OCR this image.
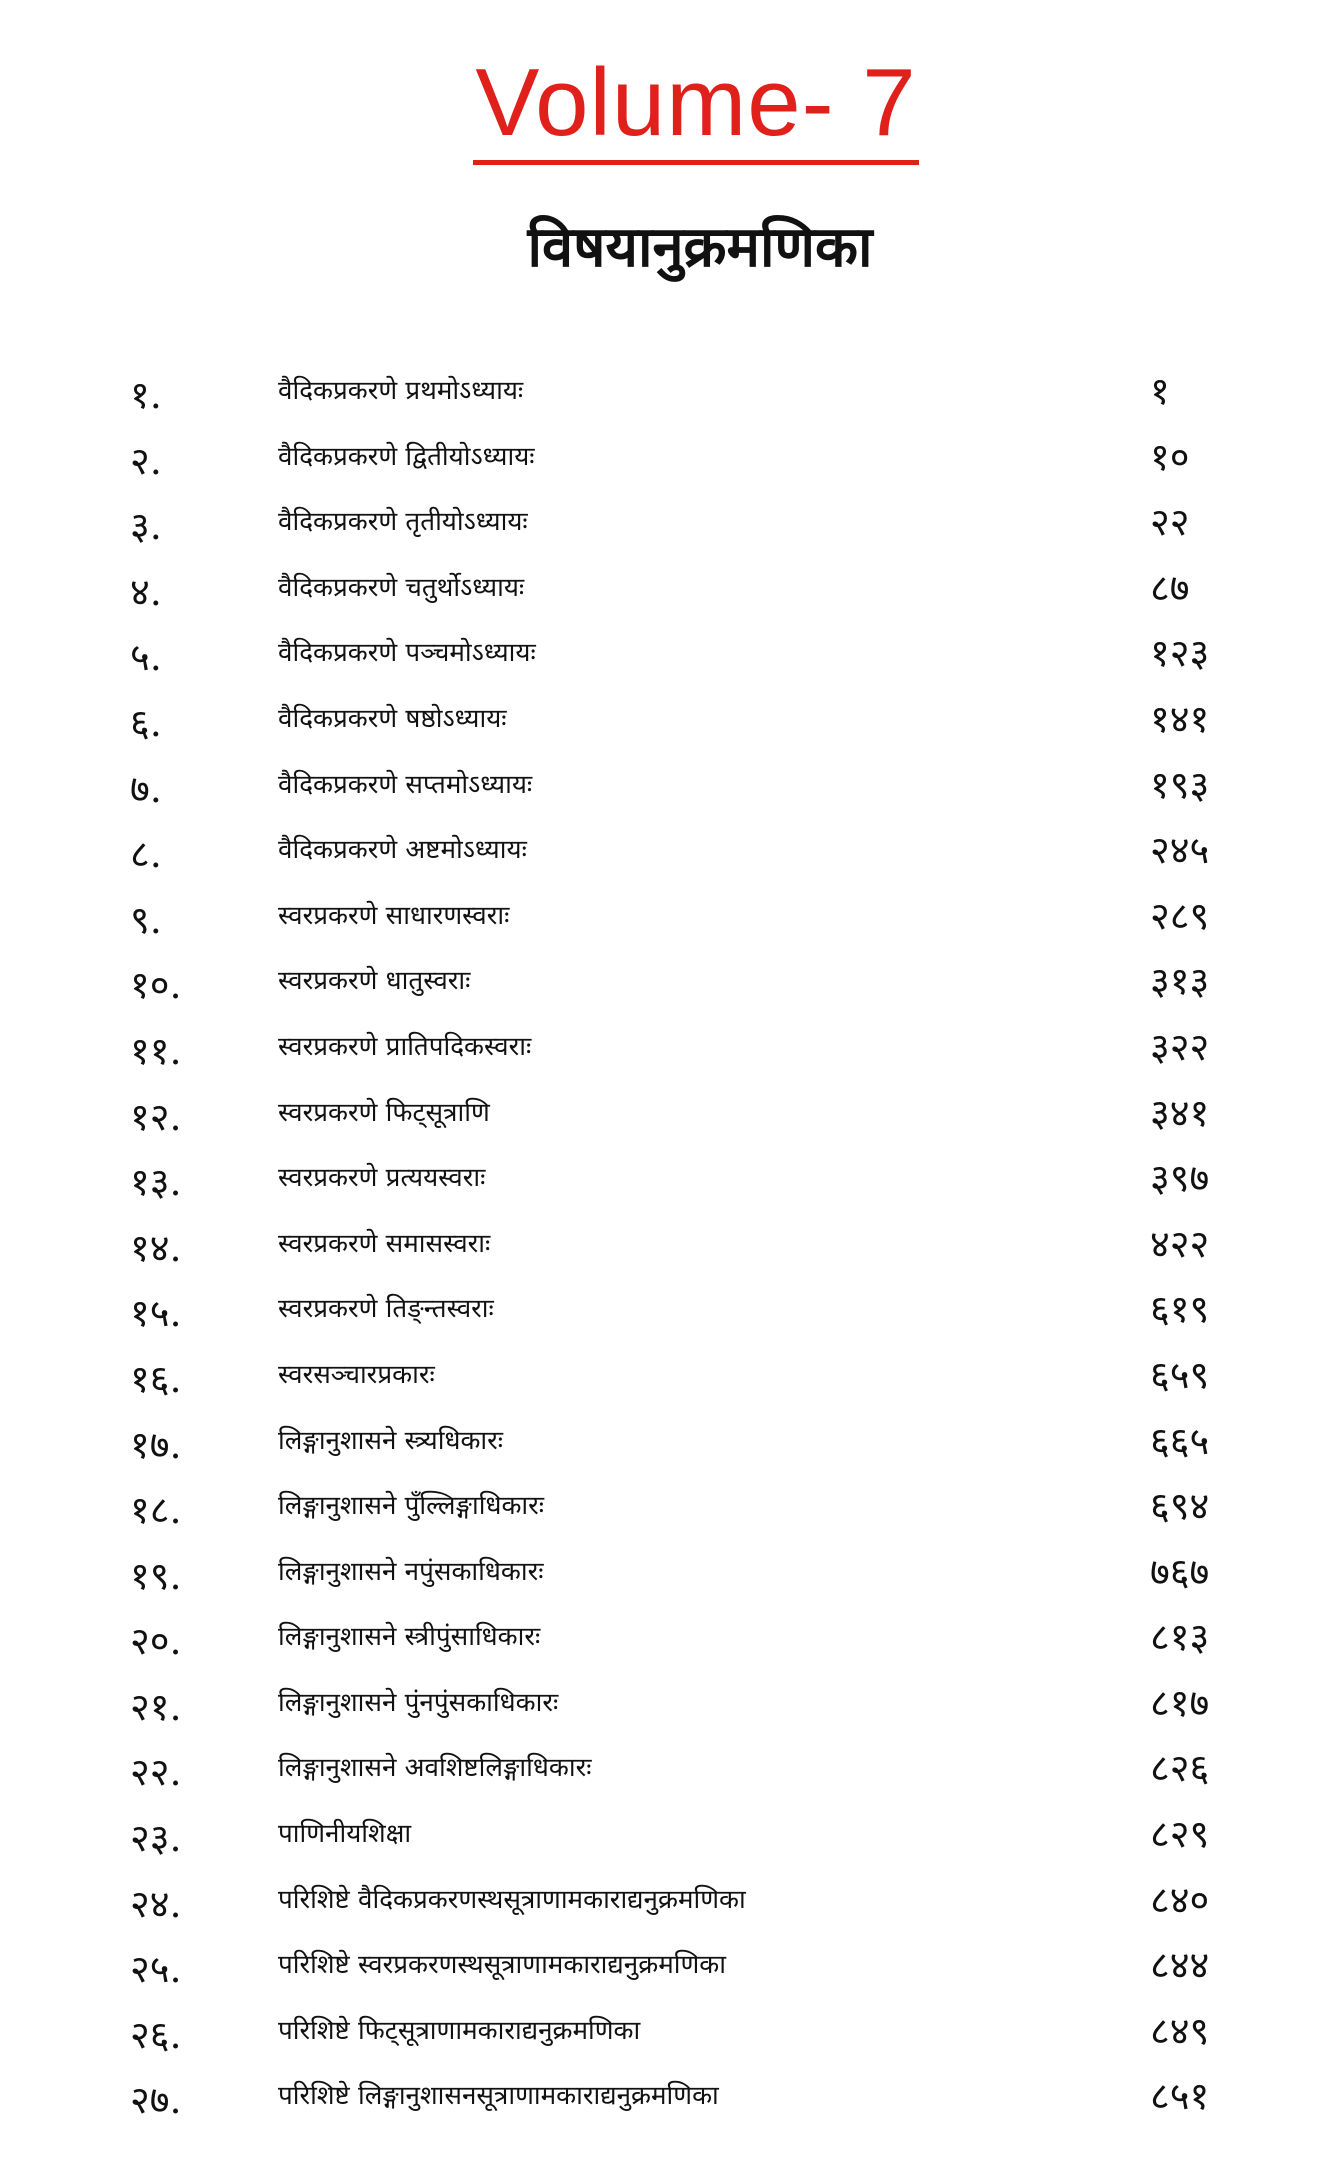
Volume- 7
विषयानुक्रमणिका
१.	वैदिकप्रकरणे प्रथमोऽध्यायः	१
२.	वैदिकप्रकरणे द्वितीयोऽध्यायः	१०
३.	वैदिकप्रकरणे तृतीयोऽध्यायः	२२
४.	वैदिकप्रकरणे चतुर्थोऽध्यायः	८७
५.	वैदिकप्रकरणे पञ्चमोऽध्यायः	१२३
६.	वैदिकप्रकरणे षष्ठोऽध्यायः	१४१
७.	वैदिकप्रकरणे सप्तमोऽध्यायः	१९३
८.	वैदिकप्रकरणे अष्टमोऽध्यायः	२४५
९.	स्वरप्रकरणे साधारणस्वराः	२८९
१०.	स्वरप्रकरणे धातुस्वराः	३१३
११.	स्वरप्रकरणे प्रातिपदिकस्वराः	३२२
१२.	स्वरप्रकरणे फिट्सूत्राणि	३४१
१३.	स्वरप्रकरणे प्रत्ययस्वराः	३९७
१४.	स्वरप्रकरणे समासस्वराः	४२२
१५.	स्वरप्रकरणे तिङ्न्तस्वराः	६१९
१६.	स्वरसञ्चारप्रकारः	६५९
१७.	लिङ्गानुशासने स्त्र्यधिकारः	६६५
१८.	लिङ्गानुशासने पुँल्लिङ्गाधिकारः	६९४
१९.	लिङ्गानुशासने नपुंसकाधिकारः	७६७
२०.	लिङ्गानुशासने स्त्रीपुंसाधिकारः	८१३
२१.	लिङ्गानुशासने पुंनपुंसकाधिकारः	८१७
२२.	लिङ्गानुशासने अवशिष्टलिङ्गाधिकारः	८२६
२३.	पाणिनीयशिक्षा	८२९
२४.	परिशिष्टे वैदिकप्रकरणस्थसूत्राणामकाराद्यनुक्रमणिका	८४०
२५.	परिशिष्टे स्वरप्रकरणस्थसूत्राणामकाराद्यनुक्रमणिका	८४४
२६.	परिशिष्टे फिट्सूत्राणामकाराद्यनुक्रमणिका	८४९
२७.	परिशिष्टे लिङ्गानुशासनसूत्राणामकाराद्यनुक्रमणिका	८५१
